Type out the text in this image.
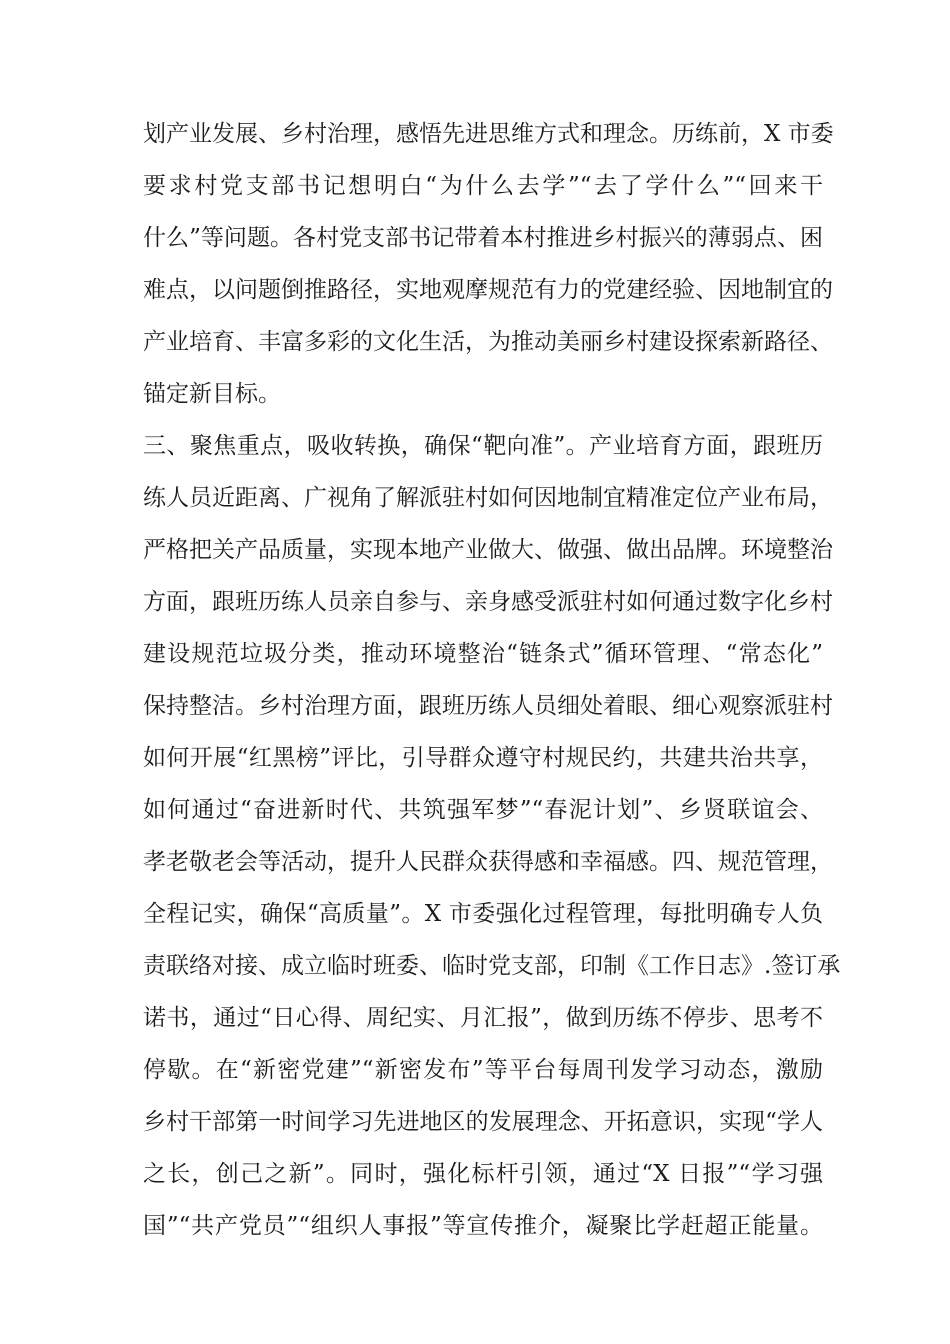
划产业发展、乡村治理，感悟先进思维方式和理念。历练前，X 市委
要求村党支部书记想明白“为什么去学”“去了学什么”“回来干
什么”等问题。各村党支部书记带着本村推进乡村振兴的薄弱点、困
难点，以问题倒推路径，实地观摩规范有力的党建经验、因地制宜的
产业培育、丰富多彩的文化生活，为推动美丽乡村建设探索新路径、
锚定新目标。
三、聚焦重点，吸收转换，确保“靶向准”。产业培育方面，跟班历
练人员近距离、广视角了解派驻村如何因地制宜精准定位产业布局，
严格把关产品质量，实现本地产业做大、做强、做出品牌。环境整治
方面，跟班历练人员亲自参与、亲身感受派驻村如何通过数字化乡村
建设规范垃圾分类，推动环境整治“链条式”循环管理、“常态化”
保持整洁。乡村治理方面，跟班历练人员细处着眼、细心观察派驻村
如何开展“红黑榜”评比，引导群众遵守村规民约，共建共治共享，
如何通过“奋进新时代、共筑强军梦”“春泥计划”、乡贤联谊会、
孝老敬老会等活动，提升人民群众获得感和幸福感。四、规范管理，
全程记实，确保“高质量”。X 市委强化过程管理，每批明确专人负
责联络对接、成立临时班委、临时党支部，印制《工作日志》.签订承
诺书，通过“日心得、周纪实、月汇报”，做到历练不停步、思考不
停歇。在“新密党建”“新密发布”等平台每周刊发学习动态，激励
乡村干部第一时间学习先进地区的发展理念、开拓意识，实现“学人
之长，创己之新”。同时，强化标杆引领，通过“X 日报”“学习强
国”“共产党员”“组织人事报”等宣传推介，凝聚比学赶超正能量。
